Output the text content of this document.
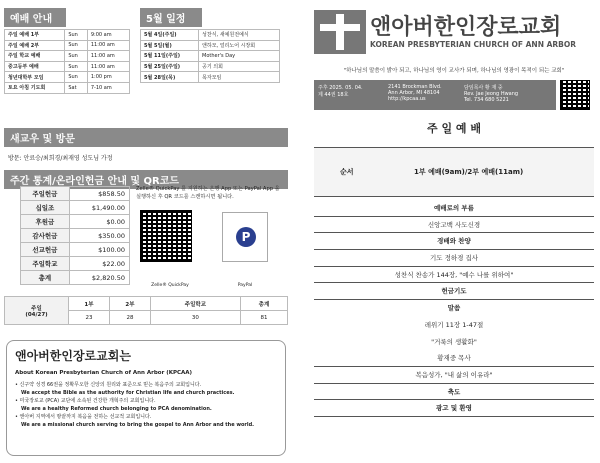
예배 안내
주일 예배 1부	Sun	9:00 am
주일 예배 2부	Sun	11:00 am
주일 학교 예배	Sun	11:00 am
중고등부 예배	Sun	11:00 am
청년대학부 모임	Sun	1:00 pm
토요 아침 기도회	Sat	7-10 am
5월 일정
5월 4일(주일)	성찬식, 새예원전예식
5월 5일(월)	앤하모, 얼리노어 시장회
5월 11일(주일)	Mother's Day
5월 25일(주일)	공기 의회
5월 28일(목)	목자모임
앤아버한인장로교회
KOREAN PRESBYTERIAN CHURCH OF ANN ARBOR
"하나님의 말씀이 밝아 되고, 하나님의 영이 교사가 되며, 하나님의 영광이 목적이 되는 교회"
주후 2025. 05. 04.
제 44권 18호
2141 Brockman Blvd.
Ann Arbor, MI 48104
http://kpcaa.us
담임목사 황 재 중
Rev. Jae Jeong Hwang
Tel. 734 680 5221
새교우 및 방문
방문: 안료승/최희경/최재영 성도님 가정
주간 통계/온라인헌금 안내 및 QR코드
주일헌금	$858.50
십일조	$1,490.00
후원금	$0.00
감사헌금	$350.00
선교헌금	$100.00
주일학교	$22.00
총계	$2,820.50
Zelle® QuickPay 를 지원하는 은행 App 또는 PayPal App 을 실행하신 후 QR 코드를 스캔하시면 됩니다.
P
Zelle® QuickPay	PayPal
주일
(04/27)	1부	2부	주일학교	총계
	23	28	30	81
앤아버한인장로교회는
About Korean Presbyterian Church of Ann Arbor (KPCAA)
• 신구약 성경 66권을 정확무오한 신앙의 원리와 표준으로 믿는 복음주의 교회입니다.
We accept the Bible as the authority for Christian life and church practices.
• 미국장로교 (PCA) 교단에 소속된 건강한 개혁주의 교회입니다.
We are a healthy Reformed church belonging to PCA denomination.
• 앤아버 지역에서 땅끝까지 복음을 전하는 선교적 교회입니다.
We are a missional church serving to bring the gospel to Ann Arbor and the world.
주 일 예 배
순서	1부 예배(9am)/2부 예배(11am)
예배로의 부름
신앙고백 사도신경
경배와 찬양
기도 정하경 집사
성찬식 찬송가 144장, "예수 나를 위하여"
헌금기도
말씀
레위기 11장 1-47절
"거룩의 생활화"
황재중 목사
복음성가, "내 삶의 이유라"
축도
광고 및 환영
